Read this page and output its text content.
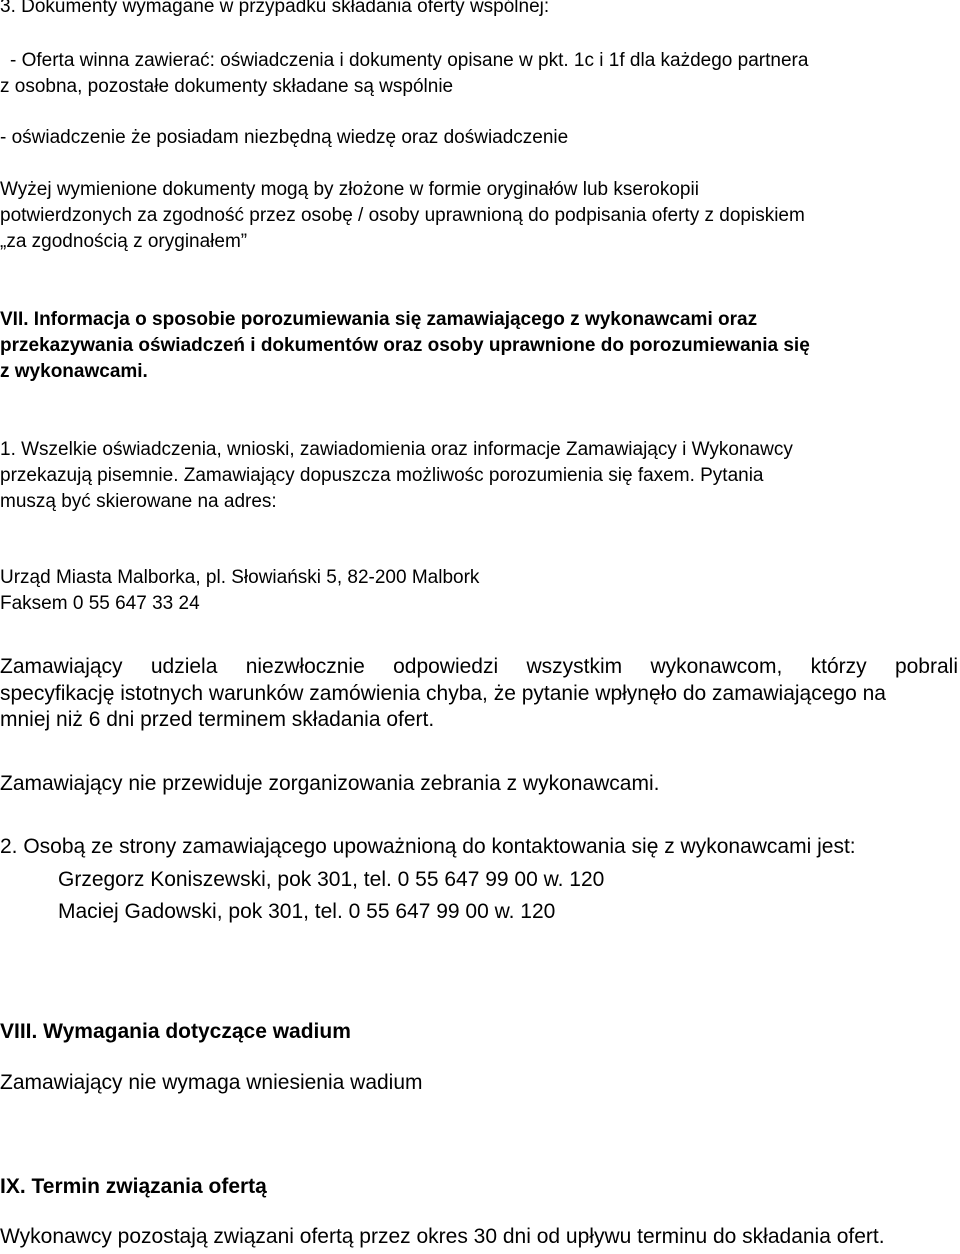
3. Dokumenty wymagane w przypadku składania oferty wspólnej:
- Oferta winna zawierać: oświadczenia i dokumenty opisane w pkt. 1c i 1f dla każdego partnera
z osobna, pozostałe dokumenty składane są wspólnie
- oświadczenie że posiadam niezbędną wiedzę oraz doświadczenie
Wyżej wymienione dokumenty mogą by złożone w formie oryginałów lub kserokopii
potwierdzonych za zgodność przez osobę / osoby uprawnioną do podpisania oferty z dopiskiem
„za zgodnością z oryginałem”
VII. Informacja o sposobie porozumiewania się zamawiającego z wykonawcami oraz
przekazywania oświadczeń i dokumentów oraz osoby uprawnione do porozumiewania się
z wykonawcami.
1. Wszelkie oświadczenia, wnioski, zawiadomienia oraz informacje Zamawiający i Wykonawcy
przekazują pisemnie. Zamawiający dopuszcza możliwośc porozumienia się faxem. Pytania
muszą być skierowane na adres:
Urząd Miasta Malborka, pl. Słowiański 5, 82-200 Malbork
Faksem 0 55 647 33 24
Zamawiający udziela niezwłocznie odpowiedzi wszystkim wykonawcom, którzy pobrali
specyfikację istotnych warunków zamówienia chyba, że pytanie wpłynęło do zamawiającego na
mniej niż 6 dni przed terminem składania ofert.
Zamawiający nie przewiduje zorganizowania zebrania z wykonawcami.
2. Osobą ze strony zamawiającego upoważnioną do kontaktowania się z wykonawcami jest:
Grzegorz Koniszewski, pok 301, tel. 0 55 647 99 00 w. 120
Maciej Gadowski, pok 301, tel. 0 55 647 99 00 w. 120
VIII. Wymagania dotyczące wadium
Zamawiający nie wymaga wniesienia wadium
IX. Termin związania ofertą
Wykonawcy pozostają związani ofertą przez okres 30 dni od upływu terminu do składania ofert.
